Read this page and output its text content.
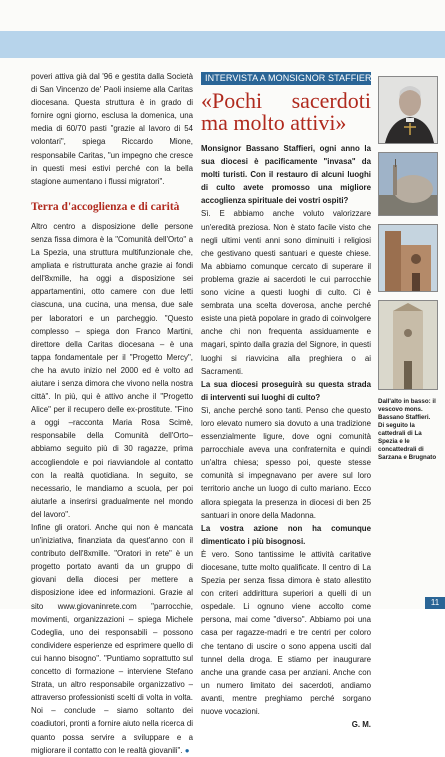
poveri attiva già dal '96 e gestita dalla Società di San Vincenzo de' Paoli insieme alla Caritas diocesana. Questa struttura è in grado di fornire ogni giorno, esclusa la domenica, una media di 60/70 pasti "grazie al lavoro di 54 volontari", spiega Riccardo Mione, responsabile Caritas, "un impegno che cresce in questi mesi estivi perché con la bella stagione aumentano i flussi migratori".

Terra d'accoglienza e di carità

Altro centro a disposizione delle persone senza fissa dimora è la "Comunità dell'Orto" a La Spezia, una struttura multifunzionale che, ampliata e ristrutturata anche grazie ai fondi dell'8xmille, ha oggi a disposizione sei appartamentini, otto camere con due letti ciascuna, una cucina, una mensa, due sale per laboratori e un parcheggio. "Questo complesso – spiega don Franco Martini, direttore della Caritas diocesana – è una tappa fondamentale per il "Progetto Mercy", che ha avuto inizio nel 2000 ed è volto ad aiutare i senza dimora che vivono nella nostra città". In più, qui è attivo anche il "Progetto Alice" per il recupero delle ex-prostitute. "Fino a oggi –racconta Maria Rosa Scimè, responsabile della Comunità dell'Orto– abbiamo seguito più di 30 ragazze, prima accogliendole e poi riavviandole al contatto con la realtà quotidiana. In seguito, se necessario, le mandiamo a scuola, per poi aiutarle a inserirsi gradualmente nel mondo del lavoro".

Infine gli oratori. Anche qui non è mancata un'iniziativa, finanziata da quest'anno con il contributo dell'8xmille. "Oratori in rete" è un progetto portato avanti da un gruppo di giovani della diocesi per mettere a disposizione idee ed informazioni. Grazie al sito www.giovaninrete.com "parrocchie, movimenti, organizzazioni – spiega Michele Codeglia, uno dei responsabili – possono condividere esperienze ed esprimere quello di cui hanno bisogno". "Puntiamo soprattutto sul concetto di formazione – interviene Stefano Strata, un altro responsabile organizzativo – attraverso professionisti scelti di volta in volta. Noi – conclude – siamo soltanto dei coadiutori, pronti a fornire aiuto nella ricerca di quanto possa servire a sviluppare e a migliorare il contatto con le realtà giovanili". ●

INTERVISTA A MONSIGNOR STAFFIERI
«Pochi sacerdoti ma molto attivi»

Monsignor Bassano Staffieri, ogni anno la sua diocesi è pacificamente "invasa" da molti turisti. Con il restauro di alcuni luoghi di culto avete promosso una migliore accoglienza spirituale dei vostri ospiti?

Sì. E abbiamo anche voluto valorizzare un'eredità preziosa. Non è stato facile visto che negli ultimi venti anni sono diminuiti i religiosi che gestivano questi santuari e queste chiese. Ma abbiamo comunque cercato di superare il problema grazie ai sacerdoti le cui parrocchie sono vicine a questi luoghi di culto. Ci è sembrata una scelta doverosa, anche perché esiste una pietà popolare in grado di coinvolgere anche chi non frequenta assiduamente e magari, spinto dalla grazia del Signore, in questi luoghi si riavvicina alla preghiera o ai Sacramenti.

La sua diocesi proseguirà su questa strada di interventi sui luoghi di culto?

Sì, anche perché sono tanti. Penso che questo loro elevato numero sia dovuto a una tradizione essenzialmente ligure, dove ogni comunità parrocchiale aveva una confraternita e quindi un'altra chiesa; spesso poi, queste stesse comunità si impegnavano per avere sul loro territorio anche un luogo di culto mariano. Ecco allora spiegata la presenza in diocesi di ben 25 santuari in onore della Madonna.

La vostra azione non ha comunque dimenticato i più bisognosi.

È vero. Sono tantissime le attività caritative diocesane, tutte molto qualificate. Il centro di La Spezia per senza fissa dimora è stato allestito con criteri addirittura superiori a quelli di un ospedale. Li ognuno viene accolto come persona, mai come "diverso". Abbiamo poi una casa per ragazze-madri e tre centri per coloro che tentano di uscire o sono appena usciti dal tunnel della droga. E stiamo per inaugurare anche una grande casa per anziani. Anche con un numero limitato dei sacerdoti, andiamo avanti, mentre preghiamo perché sorgano nuove vocazioni.

G. M.

Dall'alto in basso: il vescovo mons. Bassano Staffieri. Di seguito la cattedrali di La Spezia e le concattedrali di Sarzana e Brugnato
11
